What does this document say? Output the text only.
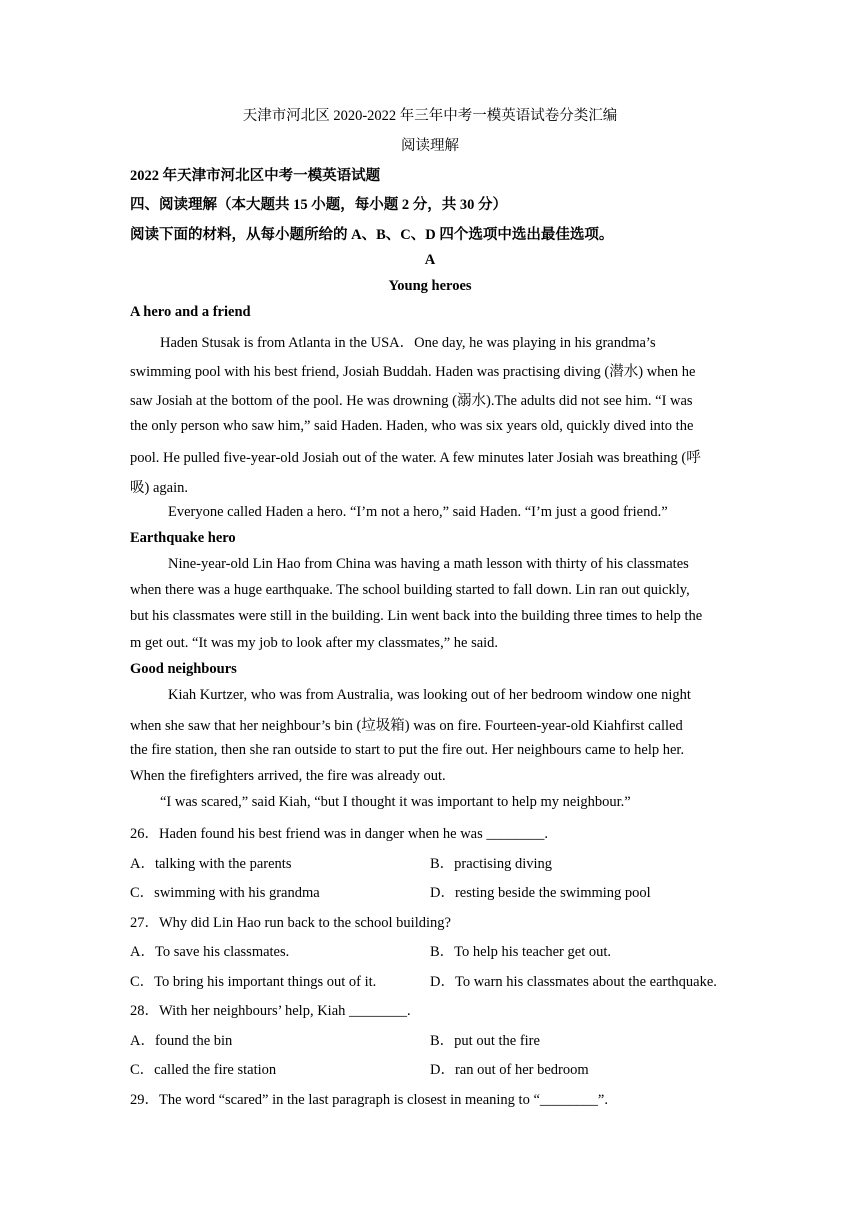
天津市河北区 2020-2022 年三年中考一模英语试卷分类汇编
阅读理解
2022 年天津市河北区中考一模英语试题
四、阅读理解（本大题共 15 小题，每小题 2 分，共 30 分）
阅读下面的材料，从每小题所给的 A、B、C、D 四个选项中选出最佳选项。
A
Young heroes
A hero and a friend
Haden Stusak is from Atlanta in the USA．One day, he was playing in his grandma’s
swimming pool with his best friend, Josiah Buddah. Haden was practising diving (潜水) when he
saw Josiah at the bottom of the pool. He was drowning (溺水).The adults did not see him. “I was
the only person who saw him,” said Haden. Haden, who was six years old, quickly dived into the
pool. He pulled five-year-old Josiah out of the water. A few minutes later Josiah was breathing (呼
吸) again.
Everyone called Haden a hero. “I’m not a hero,” said Haden. “I’m just a good friend.”
Earthquake hero
Nine-year-old Lin Hao from China was having a math lesson with thirty of his classmates
when there was a huge earthquake. The school building started to fall down. Lin ran out quickly,
but his classmates were still in the building. Lin went back into the building three times to help the
m get out. “It was my job to look after my classmates,” he said.
Good neighbours
Kiah Kurtzer, who was from Australia, was looking out of her bedroom window one night
when she saw that her neighbour’s bin (垃圾箱) was on fire. Fourteen-year-old Kiahfirst called
the fire station, then she ran outside to start to put the fire out. Her neighbours came to help her.
When the firefighters arrived, the fire was already out.
“I was scared,” said Kiah, “but I thought it was important to help my neighbour.”
26．Haden found his best friend was in danger when he was ________.
A．talking with the parents	B．practising diving
C．swimming with his grandma	D．resting beside the swimming pool
27．Why did Lin Hao run back to the school building?
A．To save his classmates.	B．To help his teacher get out.
C．To bring his important things out of it.	D．To warn his classmates about the earthquake.
28．With her neighbours’ help, Kiah ________.
A．found the bin	B．put out the fire
C．called the fire station	D．ran out of her bedroom
29．The word “scared” in the last paragraph is closest in meaning to “________”.
